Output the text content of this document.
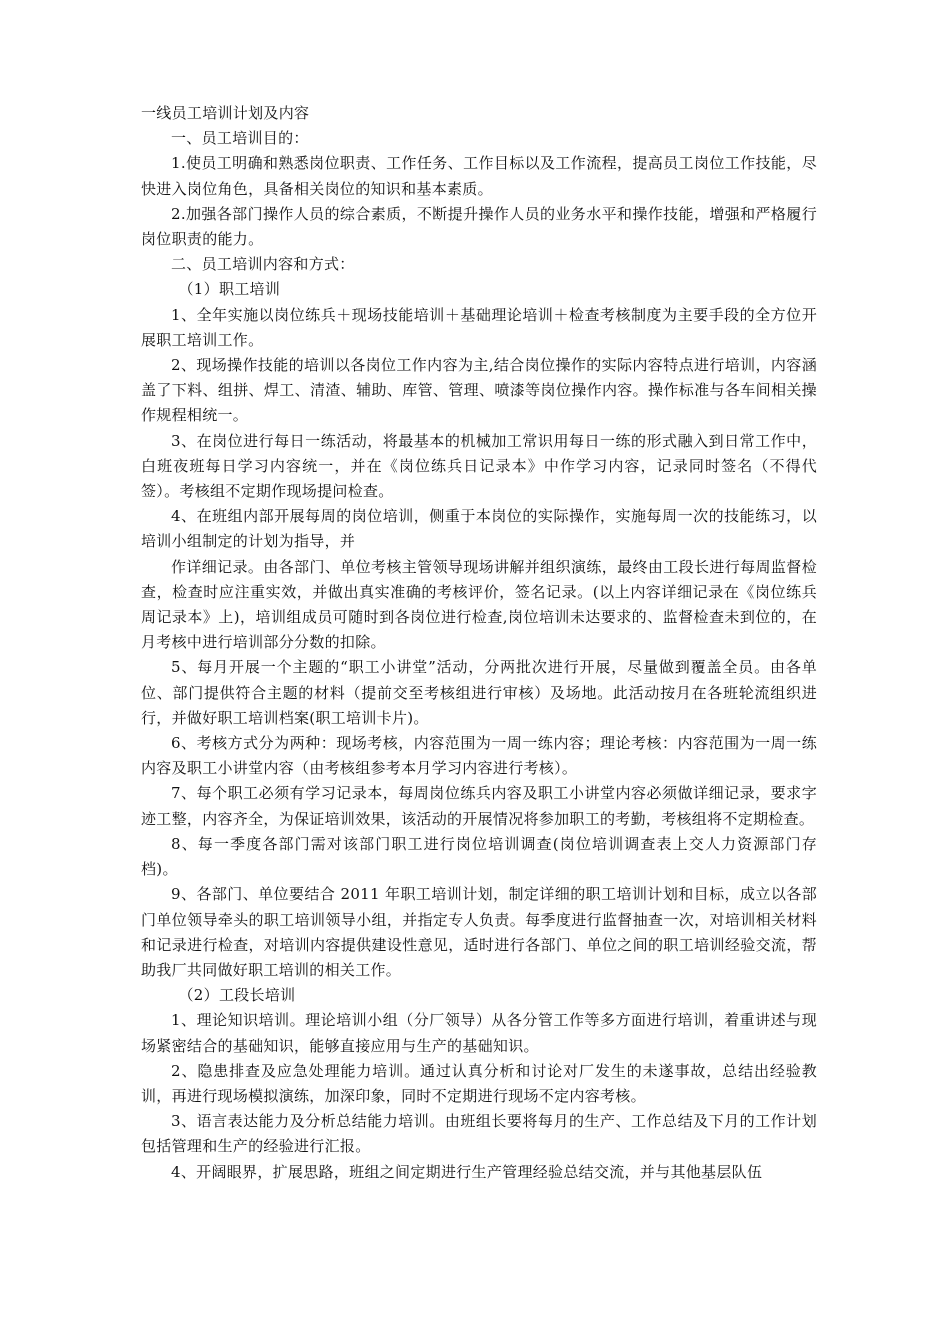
一线员工培训计划及内容

一、员工培训目的：

1.使员工明确和熟悉岗位职责、工作任务、工作目标以及工作流程，提高员工岗位工作技能，尽快进入岗位角色，具备相关岗位的知识和基本素质。

2.加强各部门操作人员的综合素质，不断提升操作人员的业务水平和操作技能，增强和严格履行岗位职责的能力。

二、员工培训内容和方式：

（1）职工培训

1、全年实施以岗位练兵＋现场技能培训＋基础理论培训＋检查考核制度为主要手段的全方位开展职工培训工作。

2、现场操作技能的培训以各岗位工作内容为主,结合岗位操作的实际内容特点进行培训，内容涵盖了下料、组拼、焊工、清渣、辅助、库管、管理、喷漆等岗位操作内容。操作标准与各车间相关操作规程相统一。

3、在岗位进行每日一练活动，将最基本的机械加工常识用每日一练的形式融入到日常工作中，白班夜班每日学习内容统一，并在《岗位练兵日记录本》中作学习内容，记录同时签名（不得代签）。考核组不定期作现场提问检查。

4、在班组内部开展每周的岗位培训，侧重于本岗位的实际操作，实施每周一次的技能练习，以培训小组制定的计划为指导，并

作详细记录。由各部门、单位考核主管领导现场讲解并组织演练，最终由工段长进行每周监督检查，检查时应注重实效，并做出真实准确的考核评价，签名记录。(以上内容详细记录在《岗位练兵周记录本》上)，培训组成员可随时到各岗位进行检查,岗位培训未达要求的、监督检查未到位的，在月考核中进行培训部分分数的扣除。

5、每月开展一个主题的“职工小讲堂”活动，分两批次进行开展，尽量做到覆盖全员。由各单位、部门提供符合主题的材料（提前交至考核组进行审核）及场地。此活动按月在各班轮流组织进行，并做好职工培训档案(职工培训卡片)。

6、考核方式分为两种：现场考核，内容范围为一周一练内容；理论考核：内容范围为一周一练内容及职工小讲堂内容（由考核组参考本月学习内容进行考核）。

7、每个职工必须有学习记录本，每周岗位练兵内容及职工小讲堂内容必须做详细记录，要求字迹工整，内容齐全，为保证培训效果，该活动的开展情况将参加职工的考勤，考核组将不定期检查。

8、每一季度各部门需对该部门职工进行岗位培训调查(岗位培训调查表上交人力资源部门存档)。

9、各部门、单位要结合 2011 年职工培训计划，制定详细的职工培训计划和目标，成立以各部门单位领导牵头的职工培训领导小组，并指定专人负责。每季度进行监督抽查一次，对培训相关材料和记录进行检查，对培训内容提供建设性意见，适时进行各部门、单位之间的职工培训经验交流，帮助我厂共同做好职工培训的相关工作。

（2）工段长培训

1、理论知识培训。理论培训小组（分厂领导）从各分管工作等多方面进行培训，着重讲述与现场紧密结合的基础知识，能够直接应用与生产的基础知识。

2、隐患排查及应急处理能力培训。通过认真分析和讨论对厂发生的未遂事故，总结出经验教训，再进行现场模拟演练，加深印象，同时不定期进行现场不定内容考核。

3、语言表达能力及分析总结能力培训。由班组长要将每月的生产、工作总结及下月的工作计划包括管理和生产的经验进行汇报。

4、开阔眼界，扩展思路，班组之间定期进行生产管理经验总结交流，并与其他基层队伍
